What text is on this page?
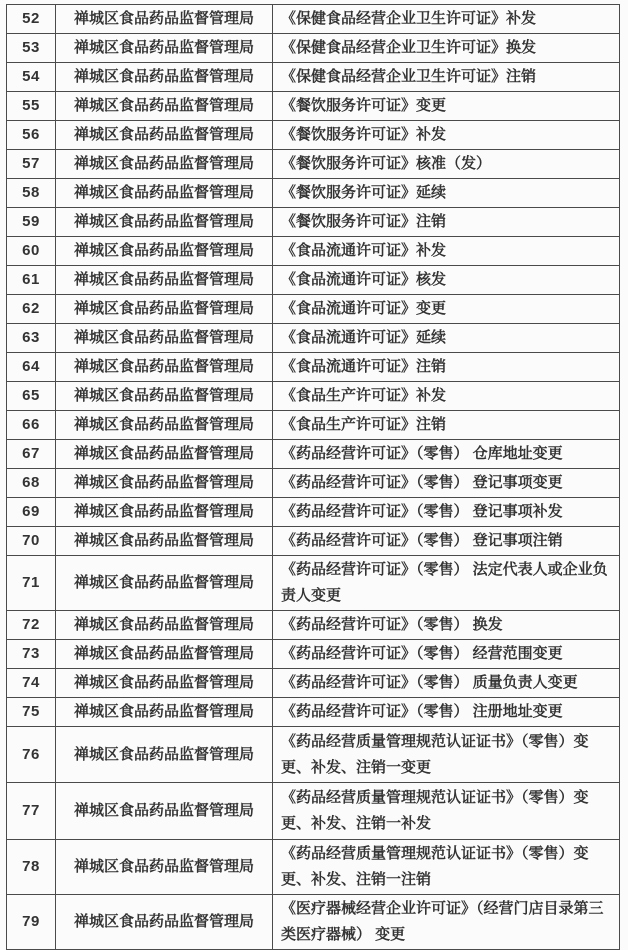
52	禅城区食品药品监督管理局	《保健食品经营企业卫生许可证》补发
53	禅城区食品药品监督管理局	《保健食品经营企业卫生许可证》换发
54	禅城区食品药品监督管理局	《保健食品经营企业卫生许可证》注销
55	禅城区食品药品监督管理局	《餐饮服务许可证》变更
56	禅城区食品药品监督管理局	《餐饮服务许可证》补发
57	禅城区食品药品监督管理局	《餐饮服务许可证》核准（发）
58	禅城区食品药品监督管理局	《餐饮服务许可证》延续
59	禅城区食品药品监督管理局	《餐饮服务许可证》注销
60	禅城区食品药品监督管理局	《食品流通许可证》补发
61	禅城区食品药品监督管理局	《食品流通许可证》核发
62	禅城区食品药品监督管理局	《食品流通许可证》变更
63	禅城区食品药品监督管理局	《食品流通许可证》延续
64	禅城区食品药品监督管理局	《食品流通许可证》注销
65	禅城区食品药品监督管理局	《食品生产许可证》补发
66	禅城区食品药品监督管理局	《食品生产许可证》注销
67	禅城区食品药品监督管理局	《药品经营许可证》（零售） 仓库地址变更
68	禅城区食品药品监督管理局	《药品经营许可证》（零售） 登记事项变更
69	禅城区食品药品监督管理局	《药品经营许可证》（零售） 登记事项补发
70	禅城区食品药品监督管理局	《药品经营许可证》（零售） 登记事项注销
71	禅城区食品药品监督管理局	《药品经营许可证》（零售） 法定代表人或企业负责人变更
72	禅城区食品药品监督管理局	《药品经营许可证》（零售） 换发
73	禅城区食品药品监督管理局	《药品经营许可证》（零售） 经营范围变更
74	禅城区食品药品监督管理局	《药品经营许可证》（零售） 质量负责人变更
75	禅城区食品药品监督管理局	《药品经营许可证》（零售） 注册地址变更
76	禅城区食品药品监督管理局	《药品经营质量管理规范认证证书》（零售）变更、补发、注销一变更
77	禅城区食品药品监督管理局	《药品经营质量管理规范认证证书》（零售）变更、补发、注销一补发
78	禅城区食品药品监督管理局	《药品经营质量管理规范认证证书》（零售）变更、补发、注销一注销
79	禅城区食品药品监督管理局	《医疗器械经营企业许可证》（经营门店目录第三类医疗器械） 变更
